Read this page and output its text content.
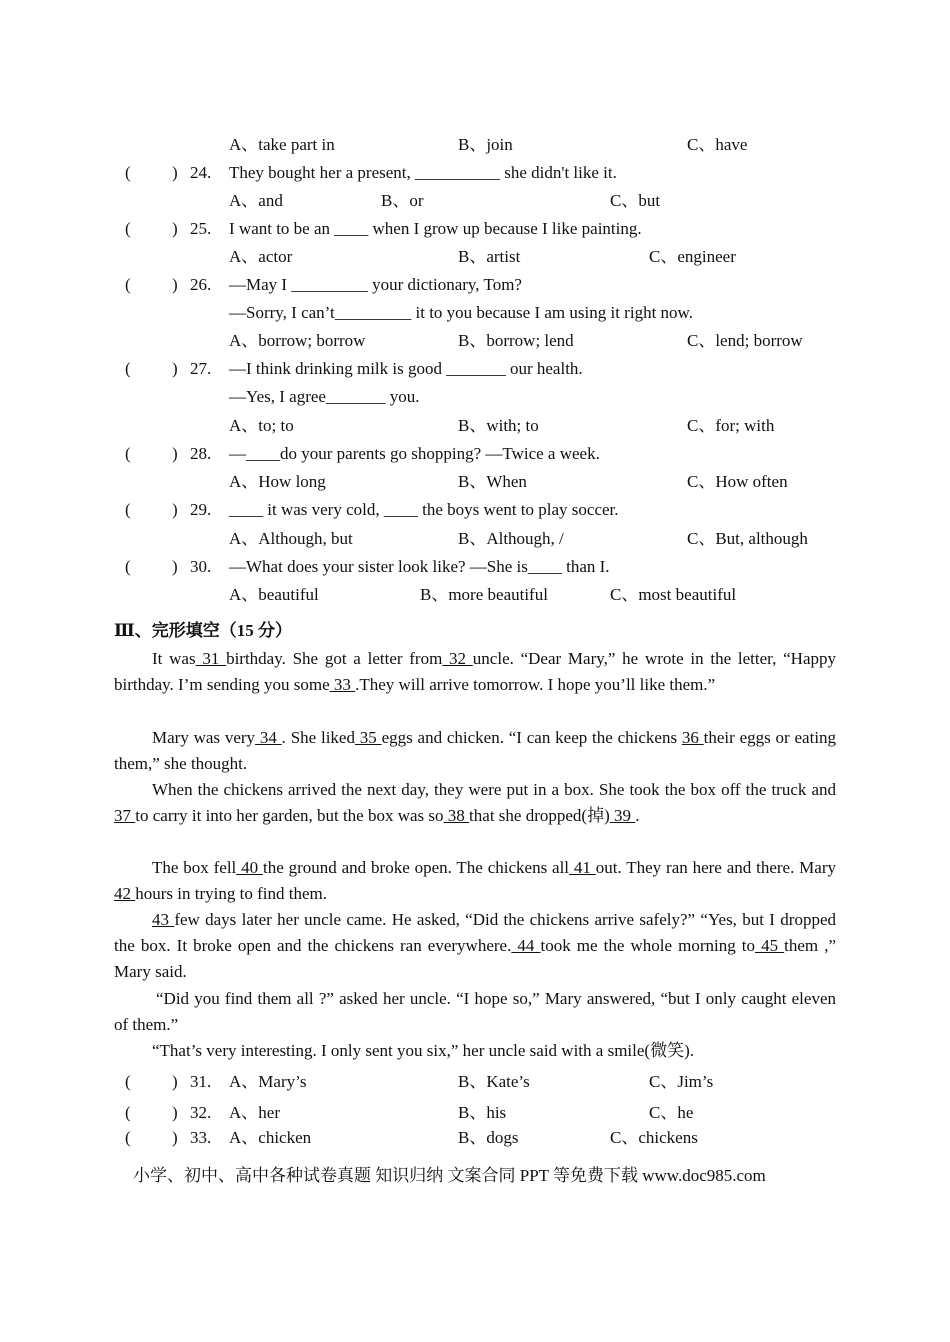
A、take part in	B、join	C、have
( ) 24. They bought her a present, __________ she didn't like it.
A、and	B、or	C、but
( ) 25. I want to be an ____ when I grow up because I like painting.
A、actor	B、artist	C、engineer
( ) 26. —May I _________ your dictionary, Tom?
—Sorry, I can’t_________ it to you because I am using it right now.
A、borrow; borrow	B、borrow; lend	C、lend; borrow
( ) 27. —I think drinking milk is good _______ our health.
—Yes, I agree_______ you.
A、to; to	B、with; to	C、for; with
( ) 28. —____do your parents go shopping? —Twice a week.
A、How long	B、When	C、How often
( ) 29. ____ it was very cold, ____ the boys went to play soccer.
A、Although, but	B、Although, /	C、But, although
( ) 30. —What does your sister look like? —She is____ than I.
A、beautiful	B、more beautiful	C、most beautiful
Ⅲ、完形填空（15 分）
It was 31 birthday. She got a letter from 32 uncle. “Dear Mary,” he wrote in the letter, “Happy birthday. I’m sending you some 33 .They will arrive tomorrow. I hope you’ll like them.”
Mary was very 34 . She liked 35 eggs and chicken. “I can keep the chickens 36 their eggs or eating them,” she thought.
When the chickens arrived the next day, they were put in a box. She took the box off the truck and 37 to carry it into her garden, but the box was so 38 that she dropped(掉) 39 .
The box fell 40 the ground and broke open. The chickens all 41 out. They ran here and there. Mary 42 hours in trying to find them.
43 few days later her uncle came. He asked, “Did the chickens arrive safely?” “Yes, but I dropped the box. It broke open and the chickens ran everywhere. 44 took me the whole morning to 45 them ,” Mary said.
“Did you find them all ?” asked her uncle. “I hope so,” Mary answered, “but I only caught eleven of them.”
“That’s very interesting. I only sent you six,” her uncle said with a smile(微笑).
( ) 31. A、Mary’s	B、Kate’s	C、Jim’s
( ) 32. A、her	B、his	C、he
( ) 33. A、chicken	B、dogs	C、chickens
小学、初中、高中各种试卷真题 知识归纳 文案合同 PPT 等免费下载 www.doc985.com
